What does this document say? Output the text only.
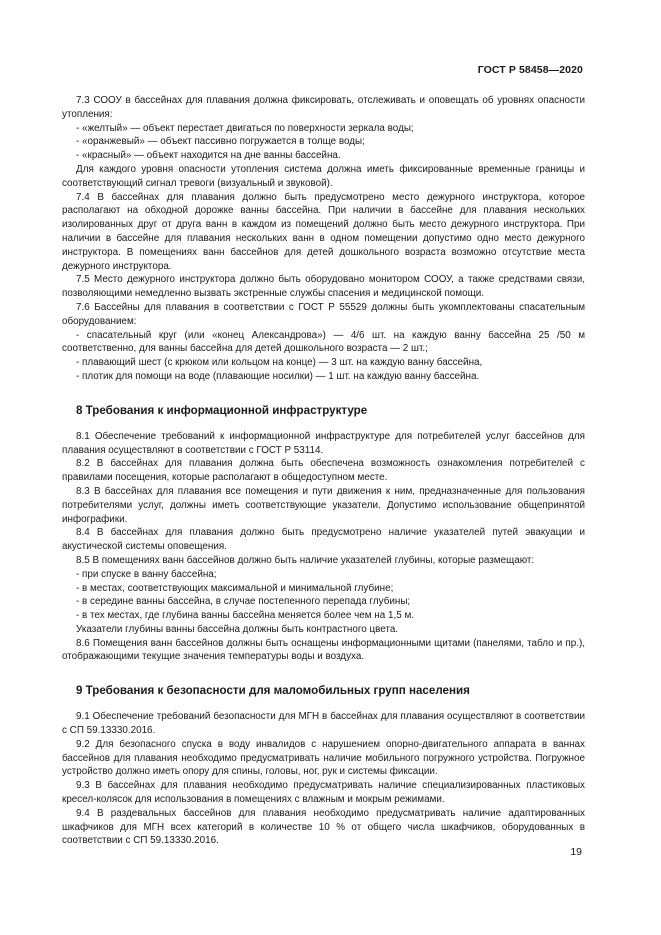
ГОСТ Р 58458—2020

7.3 СООУ в бассейнах для плавания должна фиксировать, отслеживать и оповещать об уровнях опасности утопления:

- «желтый» — объект перестает двигаться по поверхности зеркала воды;

- «оранжевый» — объект пассивно погружается в толще воды;

- «красный» — объект находится на дне ванны бассейна.

Для каждого уровня опасности утопления система должна иметь фиксированные временные границы и соответствующий сигнал тревоги (визуальный и звуковой).

7.4 В бассейнах для плавания должно быть предусмотрено место дежурного инструктора, которое располагают на обходной дорожке ванны бассейна. При наличии в бассейне для плавания нескольких изолированных друг от друга ванн в каждом из помещений должно быть место дежурного инструктора. При наличии в бассейне для плавания нескольких ванн в одном помещении допустимо одно место дежурного инструктора. В помещениях ванн бассейнов для детей дошкольного возраста возможно отсутствие места дежурного инструктора.

7.5 Место дежурного инструктора должно быть оборудовано монитором СООУ, а также средствами связи, позволяющими немедленно вызвать экстренные службы спасения и медицинской помощи.

7.6 Бассейны для плавания в соответствии с ГОСТ Р 55529 должны быть укомплектованы спасательным оборудованием:

- спасательный круг (или «конец Александрова») — 4/6 шт. на каждую ванну бассейна 25 /50 м соответственно, для ванны бассейна для детей дошкольного возраста — 2 шт.;

- плавающий шест (с крюком или кольцом на конце) — 3 шт. на каждую ванну бассейна,

- плотик для помощи на воде (плавающие носилки) — 1 шт. на каждую ванну бассейна.

8 Требования к информационной инфраструктуре

8.1 Обеспечение требований к информационной инфраструктуре для потребителей услуг бассейнов для плавания осуществляют в соответствии с ГОСТ Р 53114.

8.2 В бассейнах для плавания должна быть обеспечена возможность ознакомления потребителей с правилами посещения, которые располагают в общедоступном месте.

8.3 В бассейнах для плавания все помещения и пути движения к ним, предназначенные для пользования потребителями услуг, должны иметь соответствующие указатели. Допустимо использование общепринятой инфографики.

8.4 В бассейнах для плавания должно быть предусмотрено наличие указателей путей эвакуации и акустической системы оповещения.

8.5 В помещениях ванн бассейнов должно быть наличие указателей глубины, которые размещают:

- при спуске в ванну бассейна;

- в местах, соответствующих максимальной и минимальной глубине;

- в середине ванны бассейна, в случае постепенного перепада глубины;

- в тех местах, где глубина ванны бассейна меняется более чем на 1,5 м.

Указатели глубины ванны бассейна должны быть контрастного цвета.

8.6 Помещения ванн бассейнов должны быть оснащены информационными щитами (панелями, табло и пр.), отображающими текущие значения температуры воды и воздуха.

9 Требования к безопасности для маломобильных групп населения

9.1 Обеспечение требований безопасности для МГН в бассейнах для плавания осуществляют в соответствии с СП 59.13330.2016.

9.2 Для безопасного спуска в воду инвалидов с нарушением опорно-двигательного аппарата в ваннах бассейнов для плавания необходимо предусматривать наличие мобильного погружного устройства. Погружное устройство должно иметь опору для спины, головы, ног, рук и системы фиксации.

9.3 В бассейнах для плавания необходимо предусматривать наличие специализированных пластиковых кресел-колясок для использования в помещениях с влажным и мокрым режимами.

9.4 В раздевальных бассейнов для плавания необходимо предусматривать наличие адаптированных шкафчиков для МГН всех категорий в количестве 10 % от общего числа шкафчиков, оборудованных в соответствии с СП 59.13330.2016.

19
